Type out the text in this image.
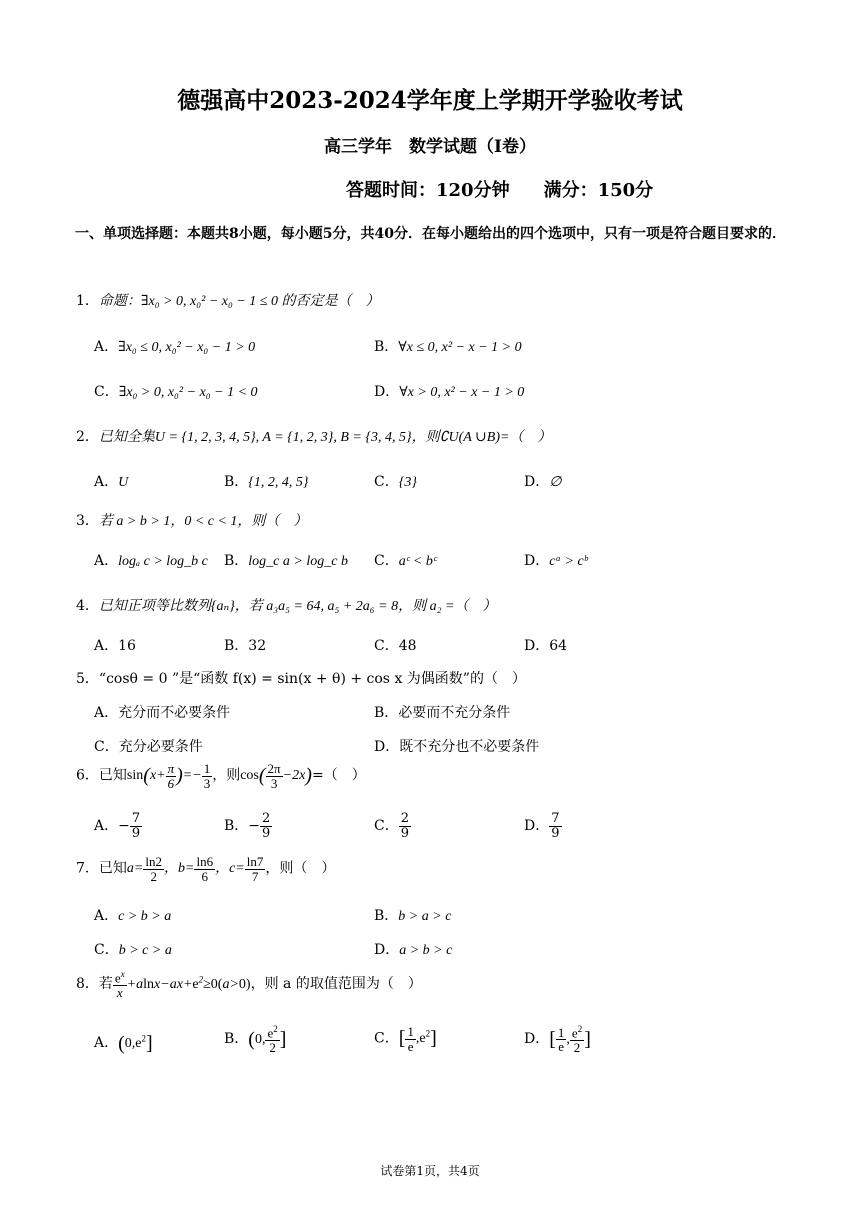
德强高中2023-2024学年度上学期开学验收考试
高三学年　数学试题（I卷）
答题时间：120分钟 满分：150分
一、单项选择题：本题共8小题，每小题5分，共40分．在每小题给出的四个选项中，只有一项是符合题目要求的．
1．命题：∃x₀ > 0, x₀² − x₀ − 1 ≤ 0 的否定是（　）
A．∃x₀ ≤ 0, x₀² − x₀ − 1 > 0	B．∀x ≤ 0, x² − x − 1 > 0
C．∃x₀ > 0, x₀² − x₀ − 1 < 0	D．∀x > 0, x² − x − 1 > 0
2．已知全集U = {1, 2, 3, 4, 5}, A = {1, 2, 3}, B = {3, 4, 5}，则∁U(A ∪B)=（　）
A．U	B．{1, 2, 4, 5}	C．{3}	D．∅
3．若 a > b > 1，0 < c < 1，则（　）
A．logₐ c > log_b c B．log_c a > log_c b C．aᶜ < bᶜ	D．cᵃ > cᵇ
4．已知正项等比数列{aₙ}，若 a₃a₅ = 64, a₅ + 2a₆ = 8，则 a₂ =（　）
A．16	B．32	C．48	D．64
5．“cosθ = 0 ”是“函数 f(x) = sin(x + θ) + cos x 为偶函数”的（　）
A．充分而不必要条件	B．必要而不充分条件
C．充分必要条件	D．既不充分也不必要条件
6．已知$\sin(x+ \frac{\pi}{6}$ )=− $\frac{1}{3}$ ，则$\cos( \frac{2\pi}{3} -2x)=$（　）
A．− $\frac{7}{9}$	B．− $\frac{2}{9}$	C． $\frac{2}{9}$	D． $\frac{7}{9}$
7．已知$a= \frac{\ln 2}{2}$ ，$b= \frac{\ln 6}{6}$ ，$c= \frac{\ln 7}{7}$ ，则（　）
A．c > b > a	B．b > a > c
C．b > c > a	D．a > b > c
8．若 $\frac{e^x}{x} +alnx-ax+e^2\ge 0(a>0)$，则 a 的取值范围为（　）
A．$(0,e^2]$	B．(0, $\frac{e^2}{2}$ ]	C．[ $\frac{1}{e} ,e^2$]	D．[ $\frac{1}{e}$ , $\frac{e^2}{2}$ ]
试卷第1页，共4页
